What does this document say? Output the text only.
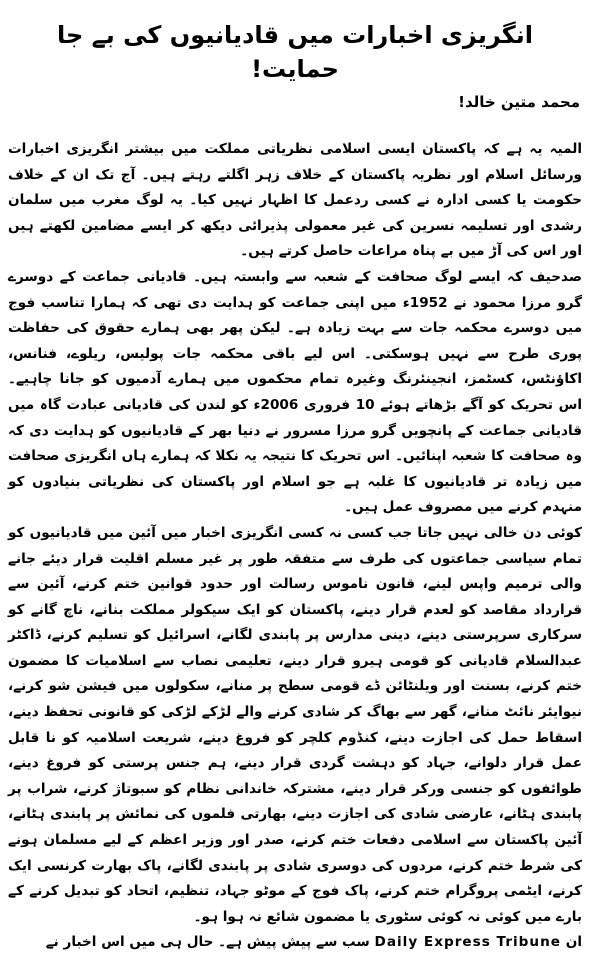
انگریزی اخبارات میں قادیانیوں کی بے جا حمایت!
محمد متین خالد!

المیہ یہ ہے کہ پاکستان ایسی اسلامی نظریاتی مملکت میں بیشتر انگریزی اخبارات ورسائل اسلام اور نظریہ پاکستان کے خلاف زہر اگلتے رہتے ہیں۔ آج تک ان کے خلاف حکومت یا کسی ادارہ نے کسی ردعمل کا اظہار نہیں کیا۔ یہ لوگ مغرب میں سلمان رشدی اور تسلیمہ نسرین کی غیر معمولی پذیرائی دیکھ کر ایسے مضامین لکھتے ہیں اور اس کی آڑ میں بے پناہ مراعات حاصل کرتے ہیں۔

صدحیف کہ ایسے لوگ صحافت کے شعبہ سے وابستہ ہیں۔ قادیانی جماعت کے دوسرے گرو مرزا محمود نے 1952ء میں اپنی جماعت کو ہدایت دی تھی کہ ہمارا تناسب فوج میں دوسرے محکمہ جات سے بہت زیادہ ہے۔ لیکن پھر بھی ہمارے حقوق کی حفاظت پوری طرح سے نہیں ہوسکتی۔ اس لیے باقی محکمہ جات پولیس، ریلوے، فنانس، اکاؤنٹس، کسٹمز، انجینئرنگ وغیرہ تمام محکموں میں ہمارے آدمیوں کو جانا چاہیے۔ اس تحریک کو آگے بڑھاتے ہوئے 10 فروری 2006ء کو لندن کی قادیانی عبادت گاہ میں قادیانی جماعت کے پانچویں گرو مرزا مسرور نے دنیا بھر کے قادیانیوں کو ہدایت دی کہ وہ صحافت کا شعبہ اپنائیں۔ اس تحریک کا نتیجہ یہ نکلا کہ ہمارے ہاں انگریزی صحافت میں زیادہ تر قادیانیوں کا غلبہ ہے جو اسلام اور پاکستان کی نظریاتی بنیادوں کو منہدم کرنے میں مصروف عمل ہیں۔

کوئی دن خالی نہیں جاتا جب کسی نہ کسی انگریزی اخبار میں آئین میں قادیانیوں کو تمام سیاسی جماعتوں کی طرف سے متفقہ طور پر غیر مسلم اقلیت قرار دیئے جانے والی ترمیم واپس لینے، قانون ناموس رسالت اور حدود قوانین ختم کرنے، آئین سے قرارداد مقاصد کو لعدم قرار دینے، پاکستان کو ایک سیکولر مملکت بنانے، ناچ گانے کو سرکاری سرپرستی دینے، دینی مدارس پر پابندی لگانے، اسرائیل کو تسلیم کرنے، ڈاکٹر عبدالسلام قادیانی کو قومی ہیرو قرار دینے، تعلیمی نصاب سے اسلامیات کا مضمون ختم کرنے، بسنت اور ویلنٹائن ڈے قومی سطح پر منانے، سکولوں میں فیشن شو کرنے، نیوایئر نائٹ منانے، گھر سے بھاگ کر شادی کرنے والے لڑکے لڑکی کو قانونی تحفظ دینے، اسقاط حمل کی اجازت دینے، کنڈوم کلچر کو فروغ دینے، شریعت اسلامیہ کو نا قابل عمل قرار دلوانے، جہاد کو دہشت گردی قرار دینے، ہم جنس پرستی کو فروغ دینے، طوائفوں کو جنسی ورکر قرار دینے، مشترکہ خاندانی نظام کو سبوتاژ کرنے، شراب پر پابندی ہٹانے، عارضی شادی کی اجازت دینے، بھارتی فلموں کی نمائش پر پابندی ہٹانے، آئین پاکستان سے اسلامی دفعات ختم کرنے، صدر اور وزیر اعظم کے لیے مسلمان ہونے کی شرط ختم کرنے، مردوں کی دوسری شادی پر پابندی لگانے، پاک بھارت کرنسی ایک کرنے، ایٹمی پروگرام ختم کرنے، پاک فوج کے موٹو جہاد، تنظیم، اتحاد کو تبدیل کرنے کے بارے میں کوئی نہ کوئی سٹوری یا مضمون شائع نہ ہوا ہو۔

ان Daily Express Tribune سب سے پیش پیش ہے۔ حال ہی میں اس اخبار نے
